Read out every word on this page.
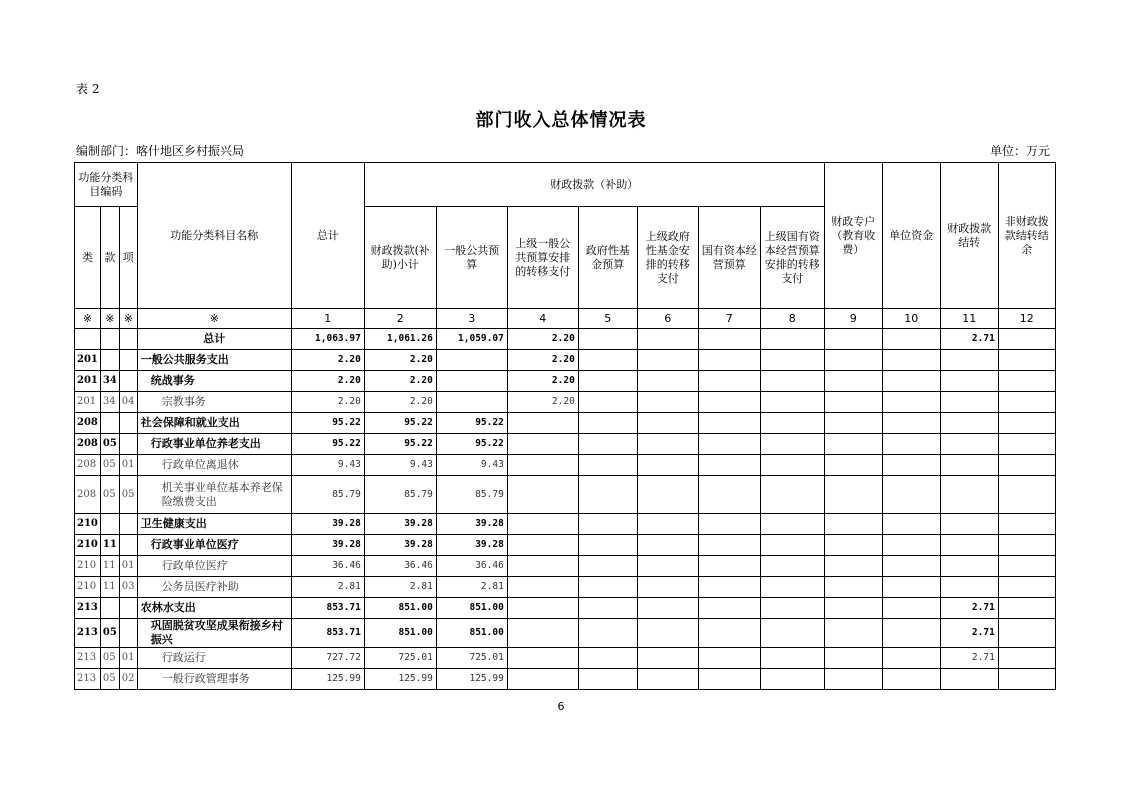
表 2
部门收入总体情况表
编制部门：喀什地区乡村振兴局	单位：万元
功能分类科目编码			功能分类科目名称	总计	财政拨款（补助）							财政专户（教育收费）	单位资金	财政拨款结转	非财政拨款结转结余
类	款	项			财政拨款(补助)小计	一般公共预算	上级一般公共预算安排的转移支付	政府性基金预算	上级政府性基金安排的转移支付	国有资本经营预算	上级国有资本经营预算安排的转移支付				
※	※	※	※	1	2	3	4	5	6	7	8	9	10	11	12
			总计	1,063.97	1,061.26	1,059.07	2.20							2.71	
201			一般公共服务支出	2.20	2.20		2.20								
201	34		统战事务	2.20	2.20		2.20								
201	34	04	宗教事务	2.20	2.20		2.20								
208			社会保障和就业支出	95.22	95.22	95.22									
208	05		行政事业单位养老支出	95.22	95.22	95.22									
208	05	01	行政单位离退休	9.43	9.43	9.43									
208	05	05	机关事业单位基本养老保险缴费支出	85.79	85.79	85.79									
210			卫生健康支出	39.28	39.28	39.28									
210	11		行政事业单位医疗	39.28	39.28	39.28									
210	11	01	行政单位医疗	36.46	36.46	36.46									
210	11	03	公务员医疗补助	2.81	2.81	2.81									
213			农林水支出	853.71	851.00	851.00								2.71	
213	05		巩固脱贫攻坚成果衔接乡村振兴	853.71	851.00	851.00								2.71	
213	05	01	行政运行	727.72	725.01	725.01								2.71	
213	05	02	一般行政管理事务	125.99	125.99	125.99									
6
